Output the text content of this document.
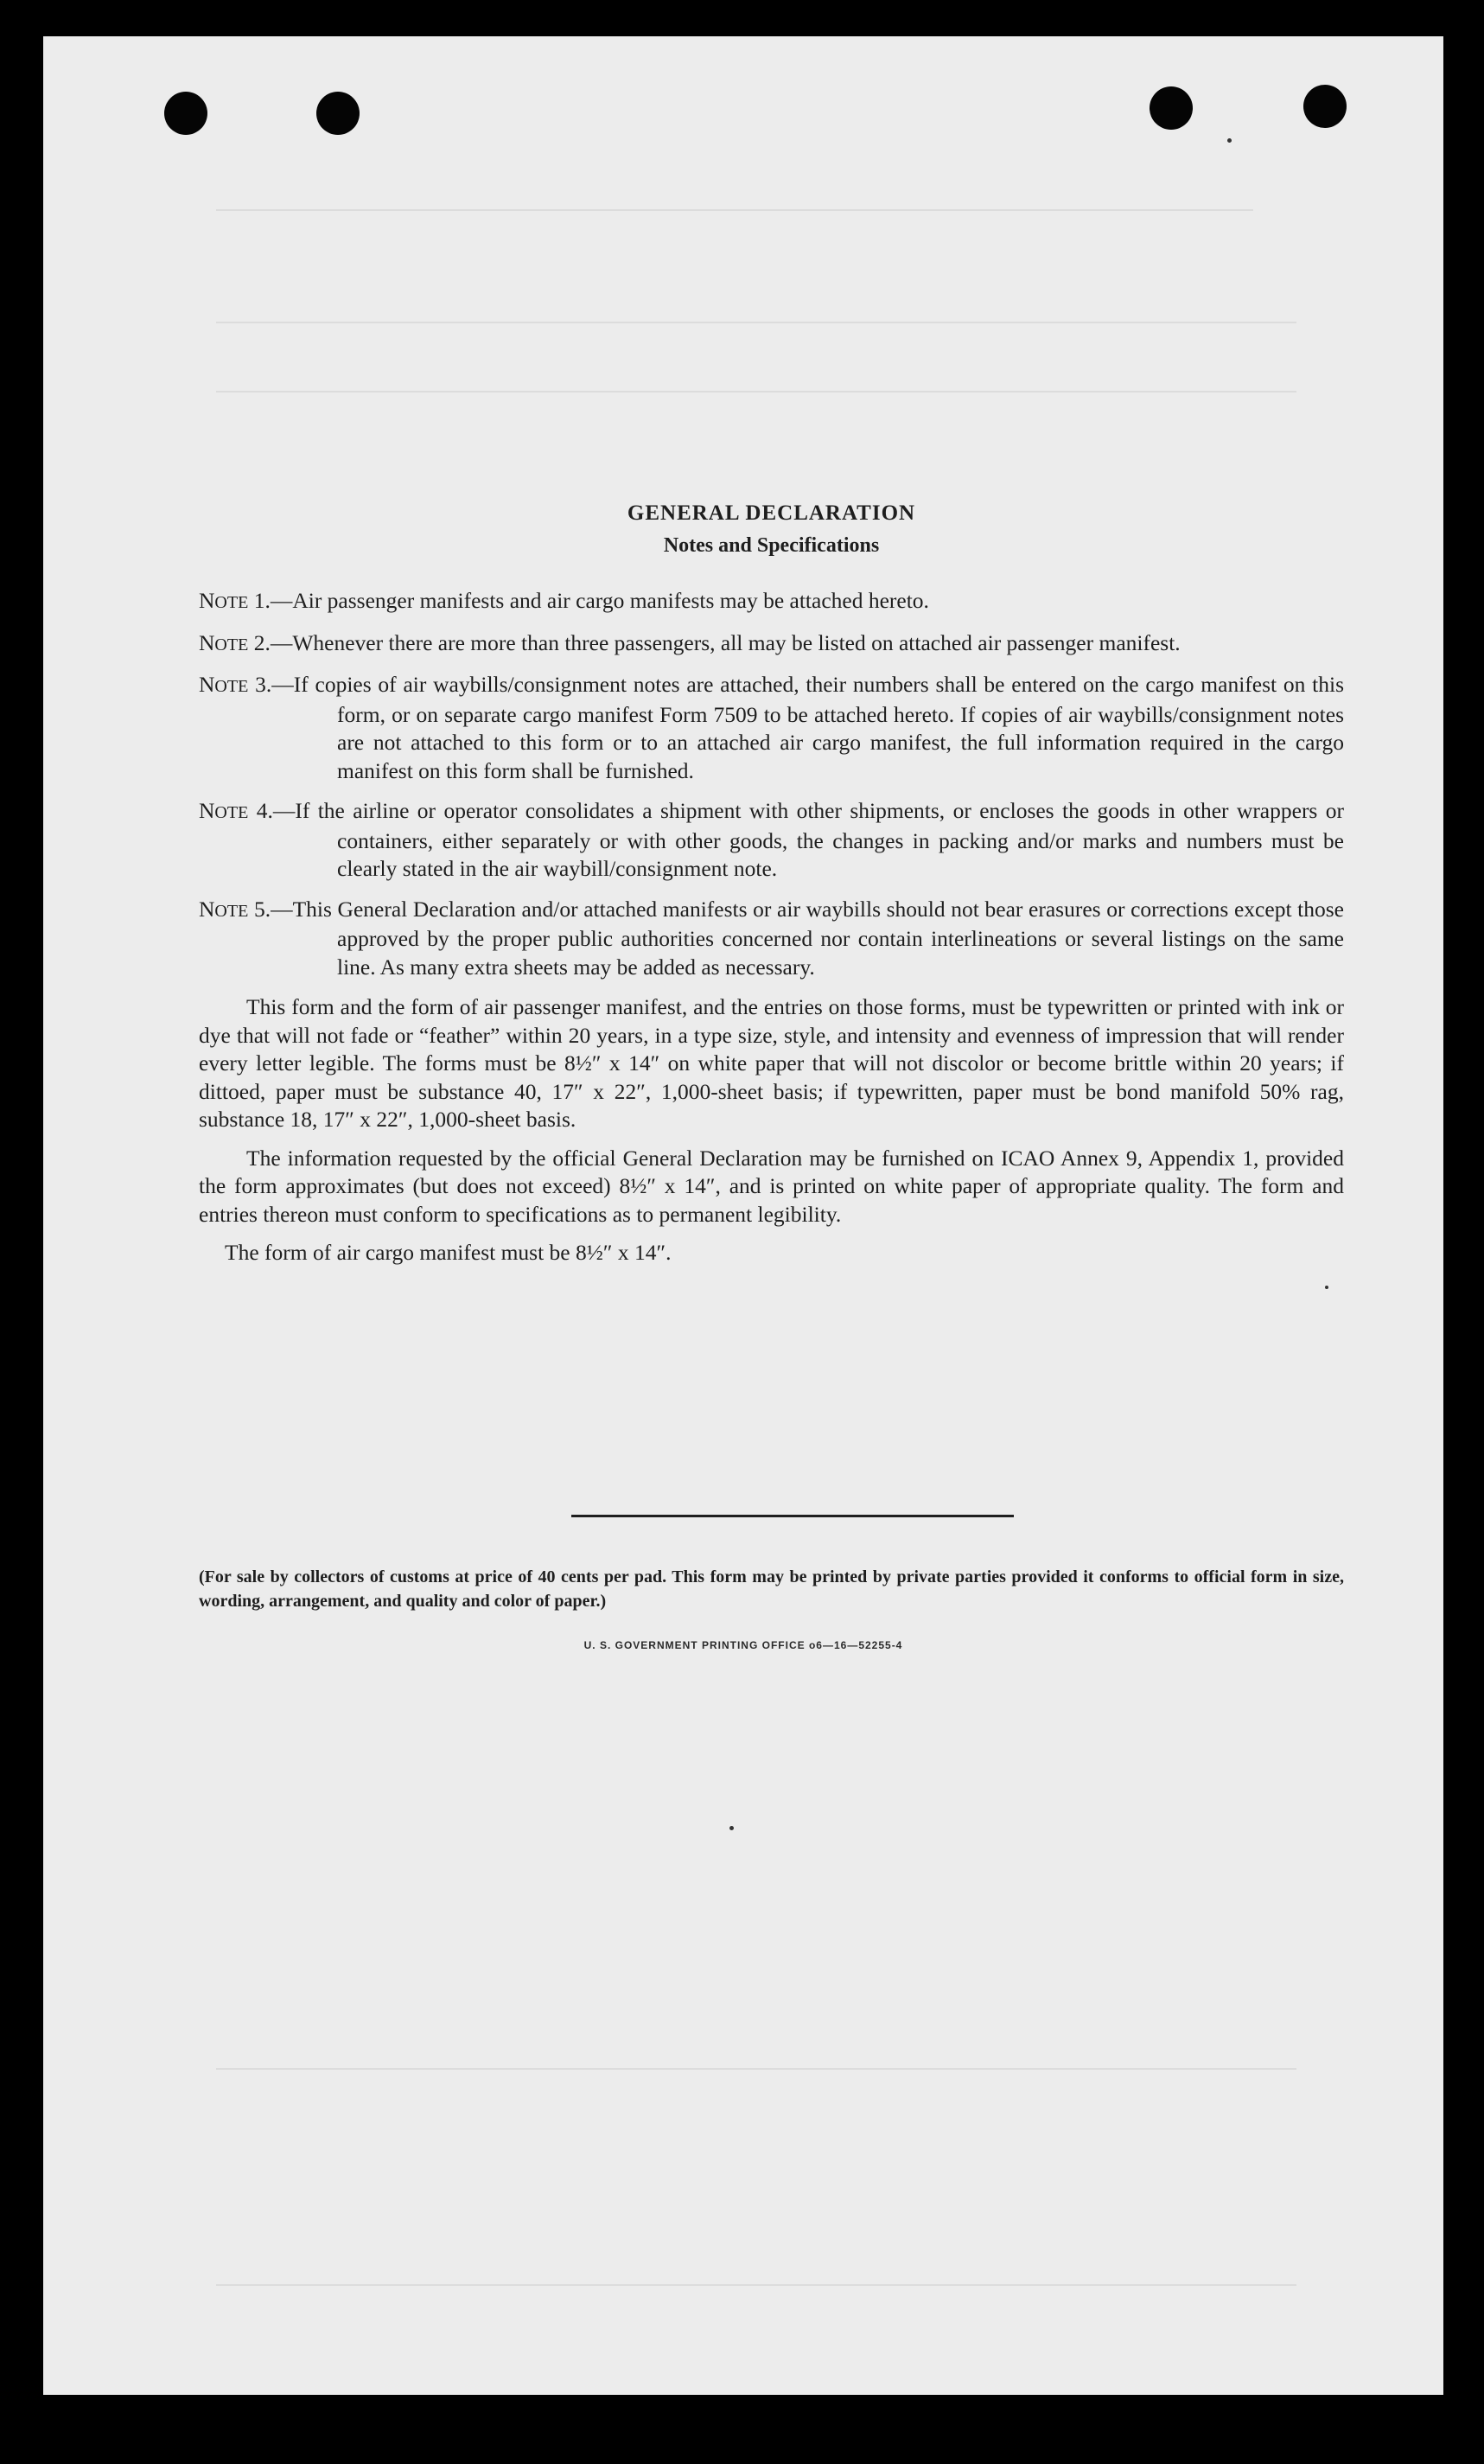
GENERAL DECLARATION
Notes and Specifications
NOTE 1.—Air passenger manifests and air cargo manifests may be attached hereto.
NOTE 2.—Whenever there are more than three passengers, all may be listed on attached air passenger manifest.
NOTE 3.—If copies of air waybills/consignment notes are attached, their numbers shall be entered on the cargo manifest on this form, or on separate cargo manifest Form 7509 to be attached hereto. If copies of air waybills/consignment notes are not attached to this form or to an attached air cargo manifest, the full information required in the cargo manifest on this form shall be furnished.
NOTE 4.—If the airline or operator consolidates a shipment with other shipments, or encloses the goods in other wrappers or containers, either separately or with other goods, the changes in packing and/or marks and numbers must be clearly stated in the air waybill/consignment note.
NOTE 5.—This General Declaration and/or attached manifests or air waybills should not bear erasures or corrections except those approved by the proper public authorities concerned nor contain interlineations or several listings on the same line. As many extra sheets may be added as necessary.

This form and the form of air passenger manifest, and the entries on those forms, must be typewritten or printed with ink or dye that will not fade or “feather” within 20 years, in a type size, style, and intensity and evenness of impression that will render every letter legible. The forms must be 8½″ x 14″ on white paper that will not discolor or become brittle within 20 years; if dittoed, paper must be substance 40, 17″ x 22″, 1,000-sheet basis; if typewritten, paper must be bond manifold 50% rag, substance 18, 17″ x 22″, 1,000-sheet basis.

The information requested by the official General Declaration may be furnished on ICAO Annex 9, Appendix 1, provided the form approximates (but does not exceed) 8½″ x 14″, and is printed on white paper of appropriate quality. The form and entries thereon must conform to specifications as to permanent legibility.

The form of air cargo manifest must be 8½″ x 14″.

(For sale by collectors of customs at price of 40 cents per pad. This form may be printed by private parties provided it conforms to official form in size, wording, arrangement, and quality and color of paper.)
U. S. GOVERNMENT PRINTING OFFICE o6—16—52255-4
